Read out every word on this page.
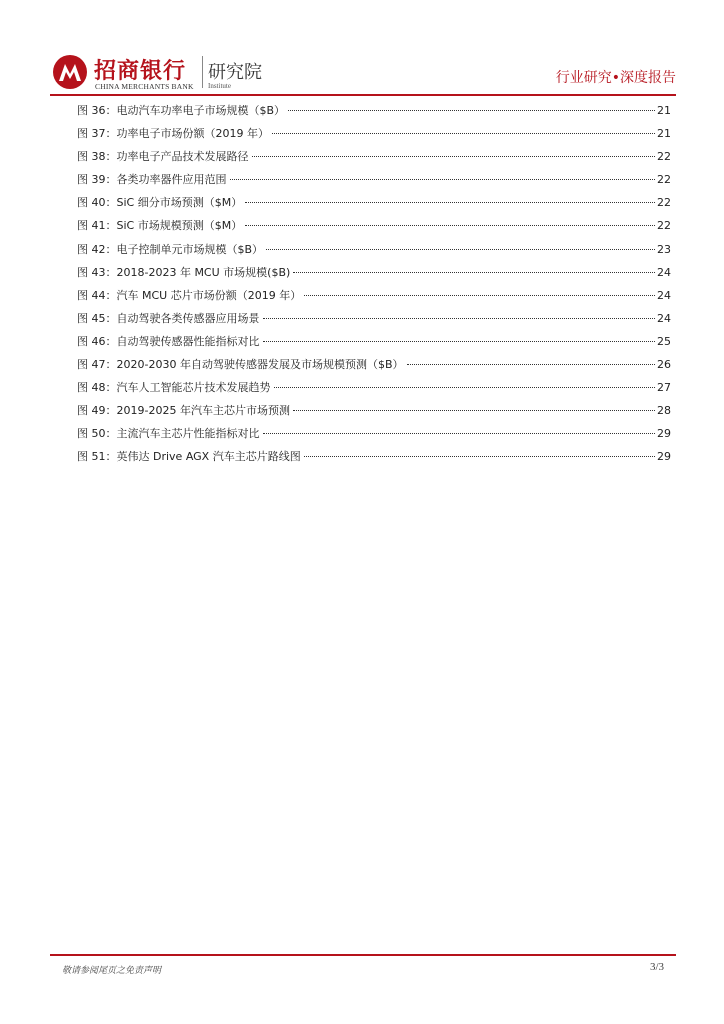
招商银行
CHINA MERCHANTS BANK
研究院
Institute	行业研究•深度报告
图 36：电动汽车功率电子市场规模（$B）	21
图 37：功率电子市场份额（2019 年）	21
图 38：功率电子产品技术发展路径	22
图 39：各类功率器件应用范围	22
图 40：SiC 细分市场预测（$M）	22
图 41：SiC 市场规模预测（$M）	22
图 42：电子控制单元市场规模（$B）	23
图 43：2018-2023 年 MCU 市场规模($B)	24
图 44：汽车 MCU 芯片市场份额（2019 年）	24
图 45：自动驾驶各类传感器应用场景	24
图 46：自动驾驶传感器性能指标对比	25
图 47：2020-2030 年自动驾驶传感器发展及市场规模预测（$B）	26
图 48：汽车人工智能芯片技术发展趋势	27
图 49：2019-2025 年汽车主芯片市场预测	28
图 50：主流汽车主芯片性能指标对比	29
图 51：英伟达 Drive AGX 汽车主芯片路线图	29
敬请参阅尾页之免责声明	3/3
